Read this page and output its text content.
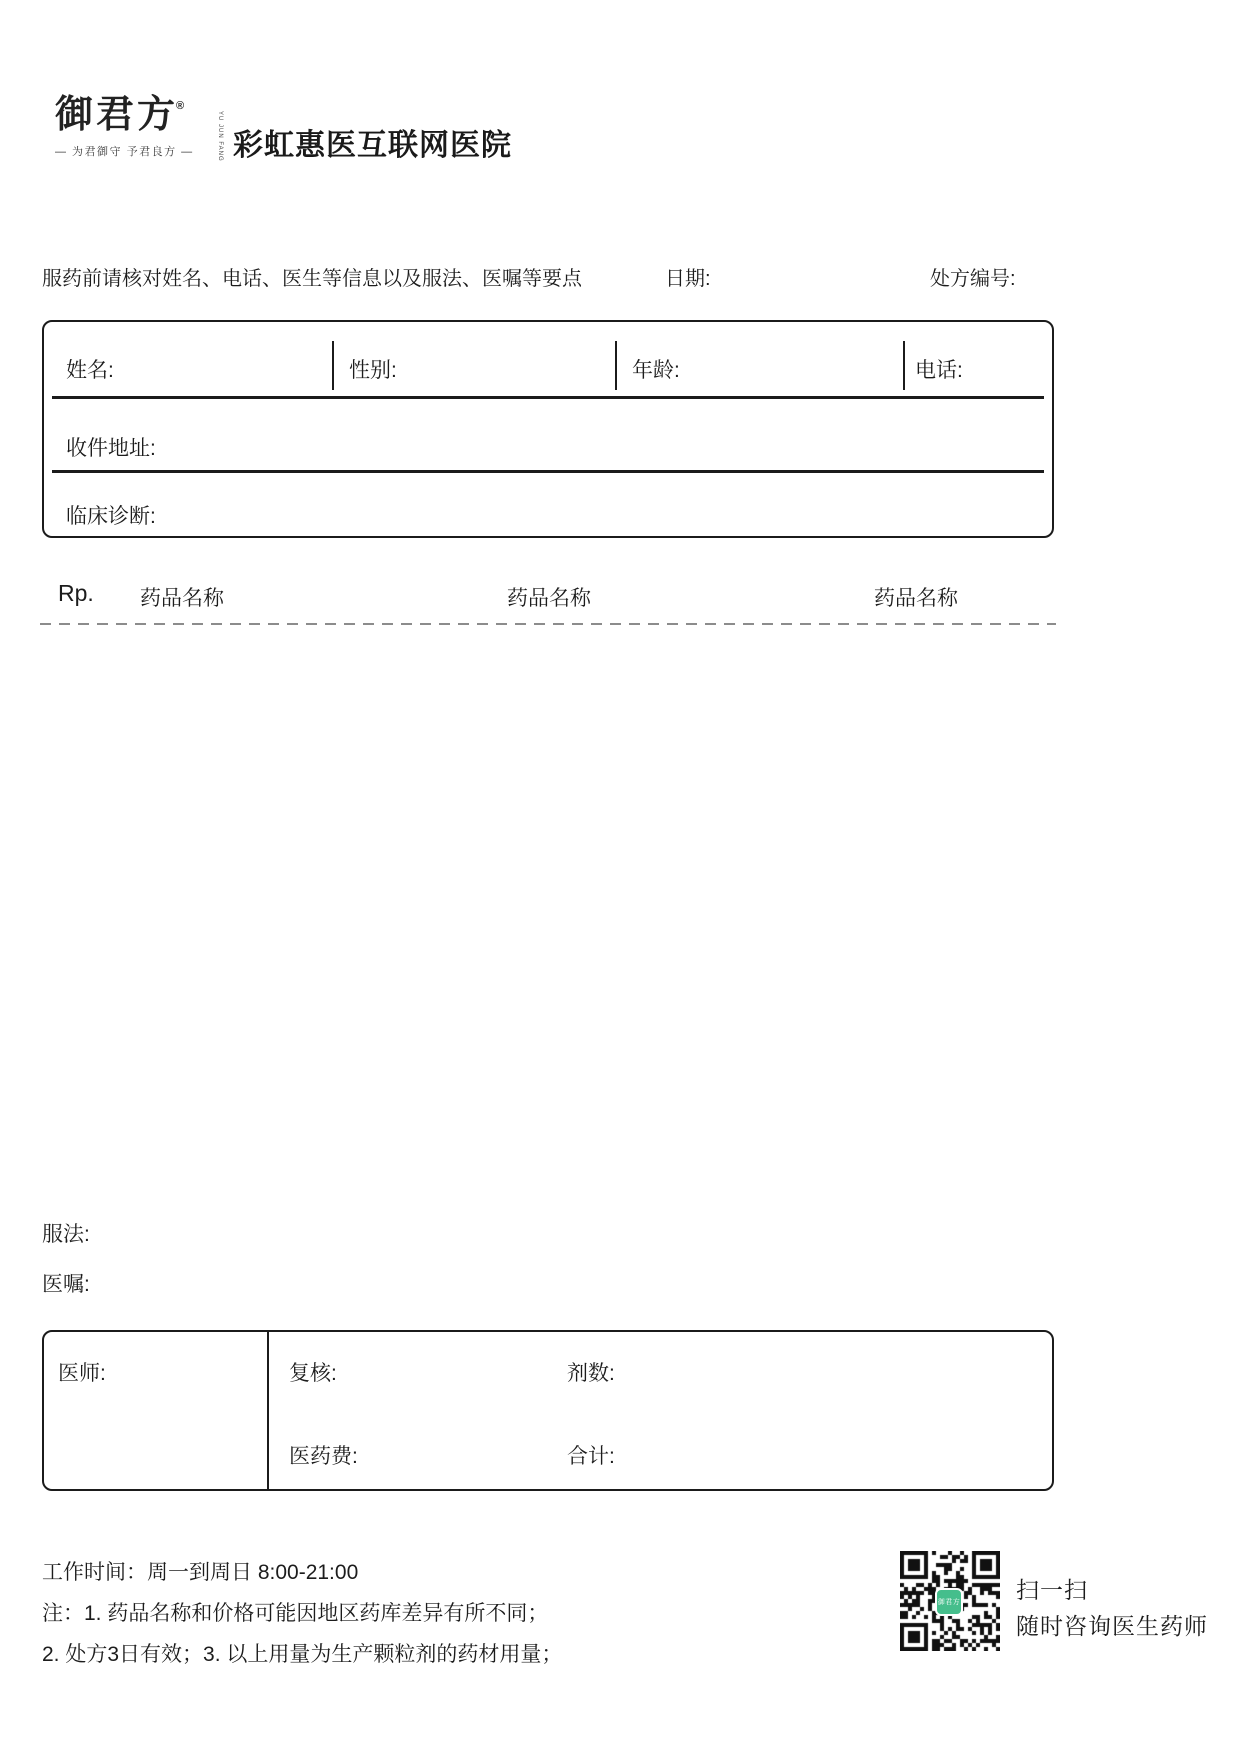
御君方®
YU JUN FANG
— 为君御守 予君良方 —	彩虹惠医互联网医院
服药前请核对姓名、电话、医生等信息以及服法、医嘱等要点	日期:	处方编号:
姓名:	性别:	年龄:	电话:
收件地址:
临床诊断:
Rp. 药品名称	药品名称	药品名称
服法:
医嘱:
医师:	复核:	剂数:
医药费:	合计:
工作时间：周一到周日 8:00-21:00
注：1. 药品名称和价格可能因地区药库差异有所不同；
2. 处方3日有效；3. 以上用量为生产颗粒剂的药材用量；
御君方 扫一扫
随时咨询医生药师
